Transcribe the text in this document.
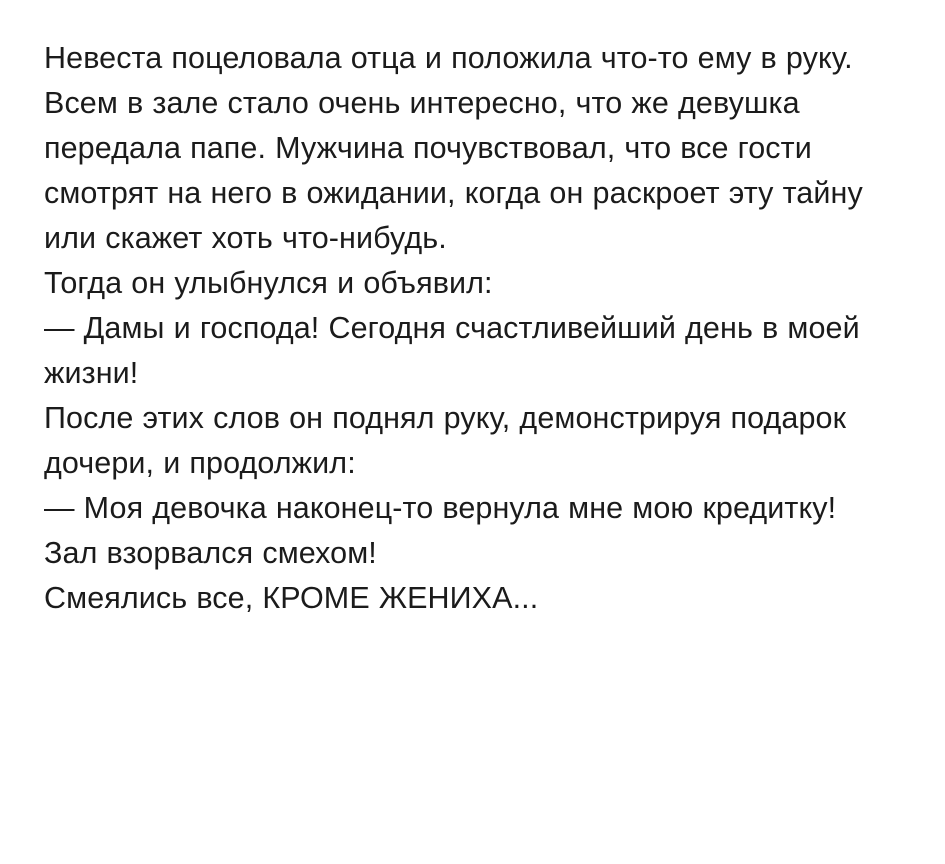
Невеста поцеловала отца и положила что-то ему в руку. Всем в зале стало очень интересно, что же девушка передала папе. Мужчина почувствовал, что все гости смотрят на него в ожидании, когда он раскроет эту тайну или скажет хоть что-нибудь.

Тогда он улыбнулся и объявил:

— Дамы и господа! Сегодня счастливейший день в моей жизни!

После этих слов он поднял руку, демонстрируя подарок дочери, и продолжил:

— Моя девочка наконец-то вернула мне мою кредитку!

Зал взорвался смехом!

Смеялись все, КРОМЕ ЖЕНИХА...
